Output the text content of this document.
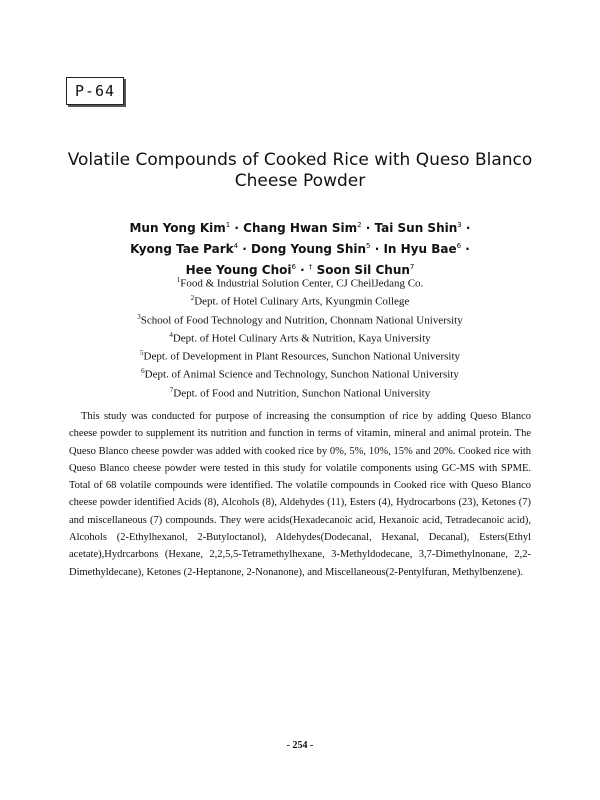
P-64
Volatile Compounds of Cooked Rice with Queso Blanco
Cheese Powder
Mun Yong Kim$^1$ · Chang Hwan Sim$^2$ · Tai Sun Shin$^3$ ·
Kyong Tae Park$^4$ · Dong Young Shin$^5$ · In Hyu Bae$^6$ ·
Hee Young Choi$^6$ · † Soon Sil Chun$^7$
$^1$Food & Industrial Solution Center, CJ CheilJedang Co.
$^2$Dept. of Hotel Culinary Arts, Kyungmin College
$^3$School of Food Technology and Nutrition, Chonnam National University
$^4$Dept. of Hotel Culinary Arts & Nutrition, Kaya University
$^5$Dept. of Development in Plant Resources, Sunchon National University
$^6$Dept. of Animal Science and Technology, Sunchon National University
$^7$Dept. of Food and Nutrition, Sunchon National University

This study was conducted for purpose of increasing the consumption of rice by adding Queso Blanco cheese powder to supplement its nutrition and function in terms of vitamin, mineral and animal protein. The Queso Blanco cheese powder was added with cooked rice by 0%, 5%, 10%, 15% and 20%. Cooked rice with Queso Blanco cheese powder were tested in this study for volatile components using GC-MS with SPME. Total of 68 volatile compounds were identified. The volatile compounds in Cooked rice with Queso Blanco cheese powder identified Acids (8), Alcohols (8), Aldehydes (11), Esters (4), Hydrocarbons (23), Ketones (7) and miscellaneous (7) compounds. They were acids(Hexadecanoic acid, Hexanoic acid, Tetradecanoic acid), Alcohols (2-Ethylhexanol, 2-Butyloctanol), Aldehydes(Dodecanal, Hexanal, Decanal), Esters(Ethyl acetate),Hydrcarbons (Hexane, 2,2,5,5-Tetramethylhexane, 3-Methyldodecane, 3,7-Dimethylnonane, 2,2-Dimethyldecane), Ketones (2-Heptanone, 2-Nonanone), and Miscellaneous(2-Pentylfuran, Methylbenzene).

- 254 -
